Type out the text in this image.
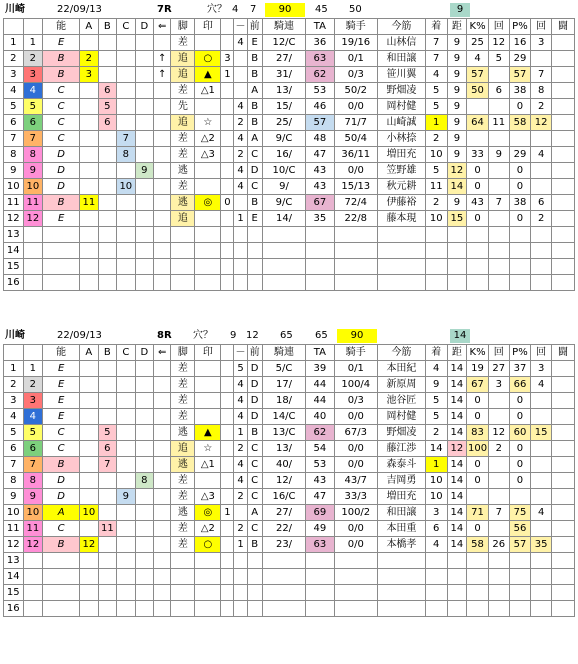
川崎	22/09/13	7R	穴？ 4 7	90	45 50	9
		能	A	B	C	D	⇐	脚	印		－	前	騎連	TA	騎手	今筋	着	距	K%	回	P%	回	闘
1	1	E						差			4	E	12/C	36	19/16	山林信	7	9	25	12	16	3	
2	2	B	2				↑	追	○	3		B	27/	63	0/1	和田譲	7	9	4	5	29		
3	3	B	3				↑	追	▲	1		B	31/	62	0/3	笹川翼	4	9	57		57	7	
4	4	C		6				差	△1			A	13/	53	50/2	野畑凌	5	9	50	6	38	8	
5	5	C		5				先			4	B	15/	46	0/0	岡村健	5	9			0	2	
6	6	C		6				追	☆		2	B	25/	57	71/7	山崎誠	1	9	64	11	58	12	
7	7	C			7			差	△2		4	A	9/C	48	50/4	小林捺	2	9					
8	8	D			8			差	△3		2	C	16/	47	36/11	増田充	10	9	33	9	29	4	
9	9	D				9		逃			4	D	10/C	43	0/0	笠野雄	5	12	0		0		
10	10	D			10			差			4	C	9/	43	15/13	秋元耕	11	14	0		0		
11	11	B	11					逃	◎	0		B	9/C	67	72/4	伊藤裕	2	9	43	7	38	6	
12	12	E						追			1	E	14/	35	22/8	藤本現	10	15	0		0	2	
13																							
14																							
15																							
16																							
川崎	22/09/13	8R 穴？ 9 12 65 65	90	14
		能	A	B	C	D	⇐	脚	印		－	前	騎連	TA	騎手	今筋	着	距	K%	回	P%	回	闘
1	1	E						差			5	D	5/C	39	0/1	本田紀	4	14	19	27	37	3	
2	2	E						差			4	D	17/	44	100/4	新原周	9	14	67	3	66	4	
3	3	E						差			4	D	18/	44	0/3	池谷匠	5	14	0		0		
4	4	E						差			4	D	14/C	40	0/0	岡村健	5	14	0		0		
5	5	C		5				逃	▲		1	B	13/C	62	67/3	野畑凌	2	14	83	12	60	15	
6	6	C		6				追	☆		2	C	13/	54	0/0	藤江渉	14	12	100	2	0		
7	7	B		7				逃	△1		4	C	40/	53	0/0	森泰斗	1	14	0		0		
8	8	D				8		差			4	C	12/	43	43/7	吉岡勇	10	14	0		0		
9	9	D			9			差	△3		2	C	16/C	47	33/3	増田充	10	14					
10	10	A	10					逃	◎	1		A	27/	69	100/2	和田譲	3	14	71	7	75	4	
11	11	C		11				差	△2		2	C	22/	49	0/0	本田重	6	14	0		56		
12	12	B	12					差	○		1	B	23/	63	0/0	本橋孝	4	14	58	26	57	35	
13																							
14																							
15																							
16																							
